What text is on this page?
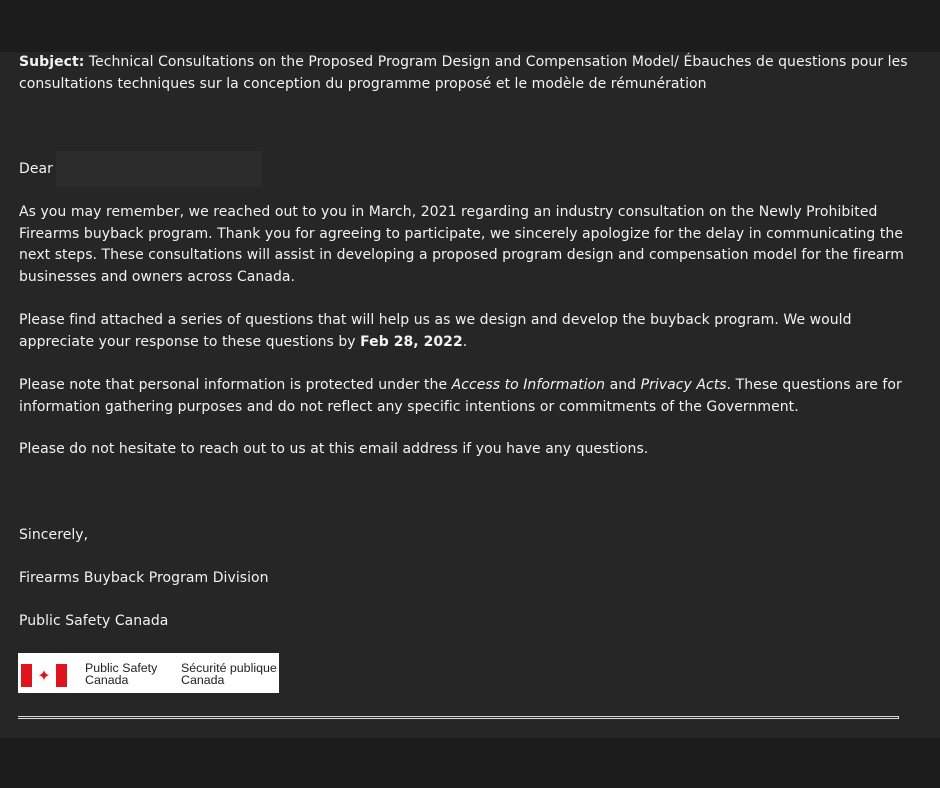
Subject: Technical Consultations on the Proposed Program Design and Compensation Model/ Ébauches de questions pour les consultations techniques sur la conception du programme proposé et le modèle de rémunération

Dear

As you may remember, we reached out to you in March, 2021 regarding an industry consultation on the Newly Prohibited Firearms buyback program. Thank you for agreeing to participate, we sincerely apologize for the delay in communicating the next steps. These consultations will assist in developing a proposed program design and compensation model for the firearm businesses and owners across Canada.

Please find attached a series of questions that will help us as we design and develop the buyback program. We would appreciate your response to these questions by Feb 28, 2022.

Please note that personal information is protected under the Access to Information and Privacy Acts. These questions are for information gathering purposes and do not reflect any specific intentions or commitments of the Government.

Please do not hesitate to reach out to us at this email address if you have any questions.

Sincerely,

Firearms Buyback Program Division

Public Safety Canada

✦	Public Safety
Canada
Sécurité publique
Canada
